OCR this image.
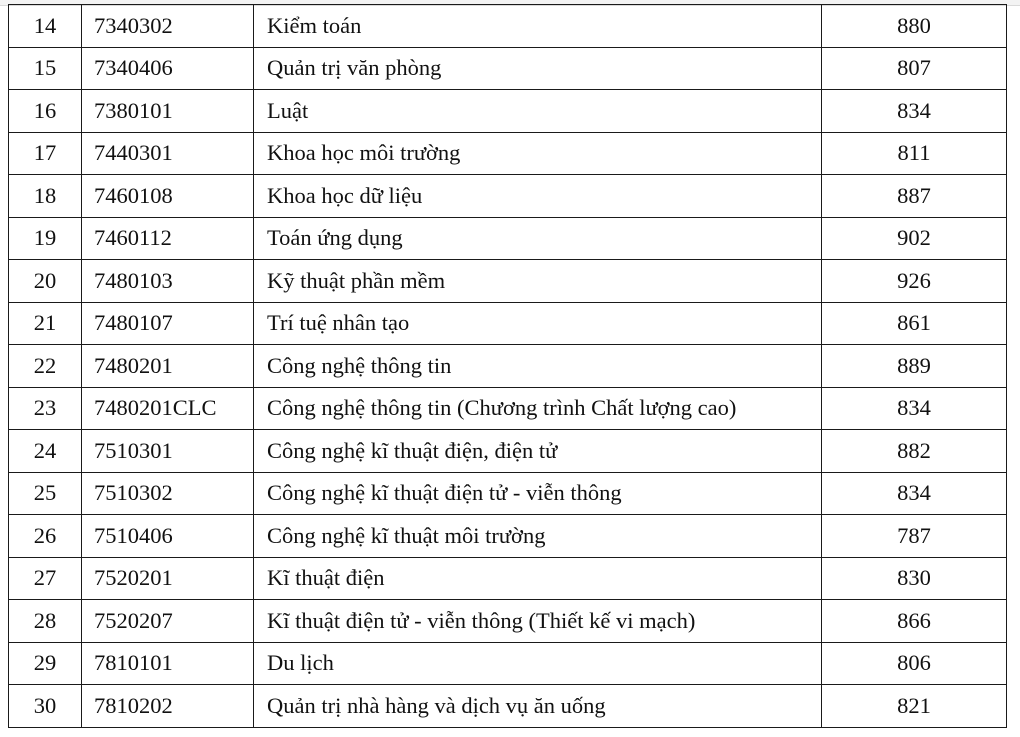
14	7340302	Kiểm toán	880
15	7340406	Quản trị văn phòng	807
16	7380101	Luật	834
17	7440301	Khoa học môi trường	811
18	7460108	Khoa học dữ liệu	887
19	7460112	Toán ứng dụng	902
20	7480103	Kỹ thuật phần mềm	926
21	7480107	Trí tuệ nhân tạo	861
22	7480201	Công nghệ thông tin	889
23	7480201CLC	Công nghệ thông tin (Chương trình Chất lượng cao)	834
24	7510301	Công nghệ kĩ thuật điện, điện tử	882
25	7510302	Công nghệ kĩ thuật điện tử - viễn thông	834
26	7510406	Công nghệ kĩ thuật môi trường	787
27	7520201	Kĩ thuật điện	830
28	7520207	Kĩ thuật điện tử - viễn thông (Thiết kế vi mạch)	866
29	7810101	Du lịch	806
30	7810202	Quản trị nhà hàng và dịch vụ ăn uống	821
